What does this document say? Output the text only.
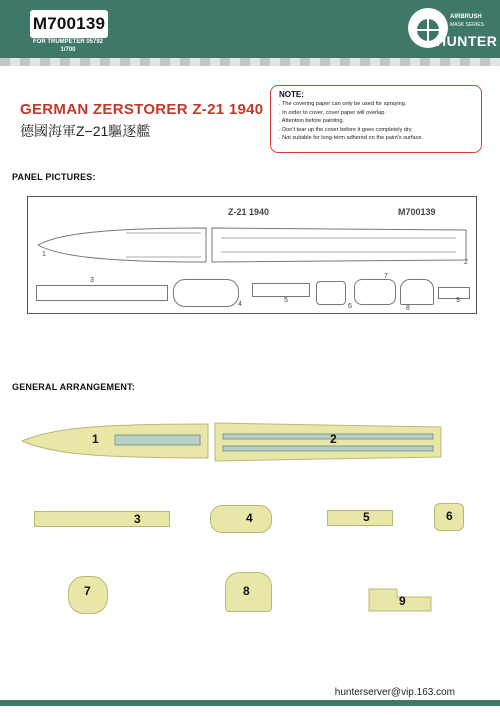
M700139
FOR TRUMPETER 05792
1/700
AIRBRUSH
MASK SERIES
HUNTER
GERMAN ZERSTORER Z-21 1940
德國海軍Z−21驅逐艦
NOTE:
. The covering paper can only be used for spraying.
. In order to cover, cover paper will overlap.
. Attention before painting.
. Don't tear up the cover before it goes completely dry.
. Not suitable for long-term adhered on the paint's surface.
PANEL PICTURES:
Z-21 1940	M700139
1
2
3
4
5
6
7
8
9
GENERAL ARRANGEMENT:
1	2
3	4	5	6
7	8
9
hunterserver@vip.163.com
